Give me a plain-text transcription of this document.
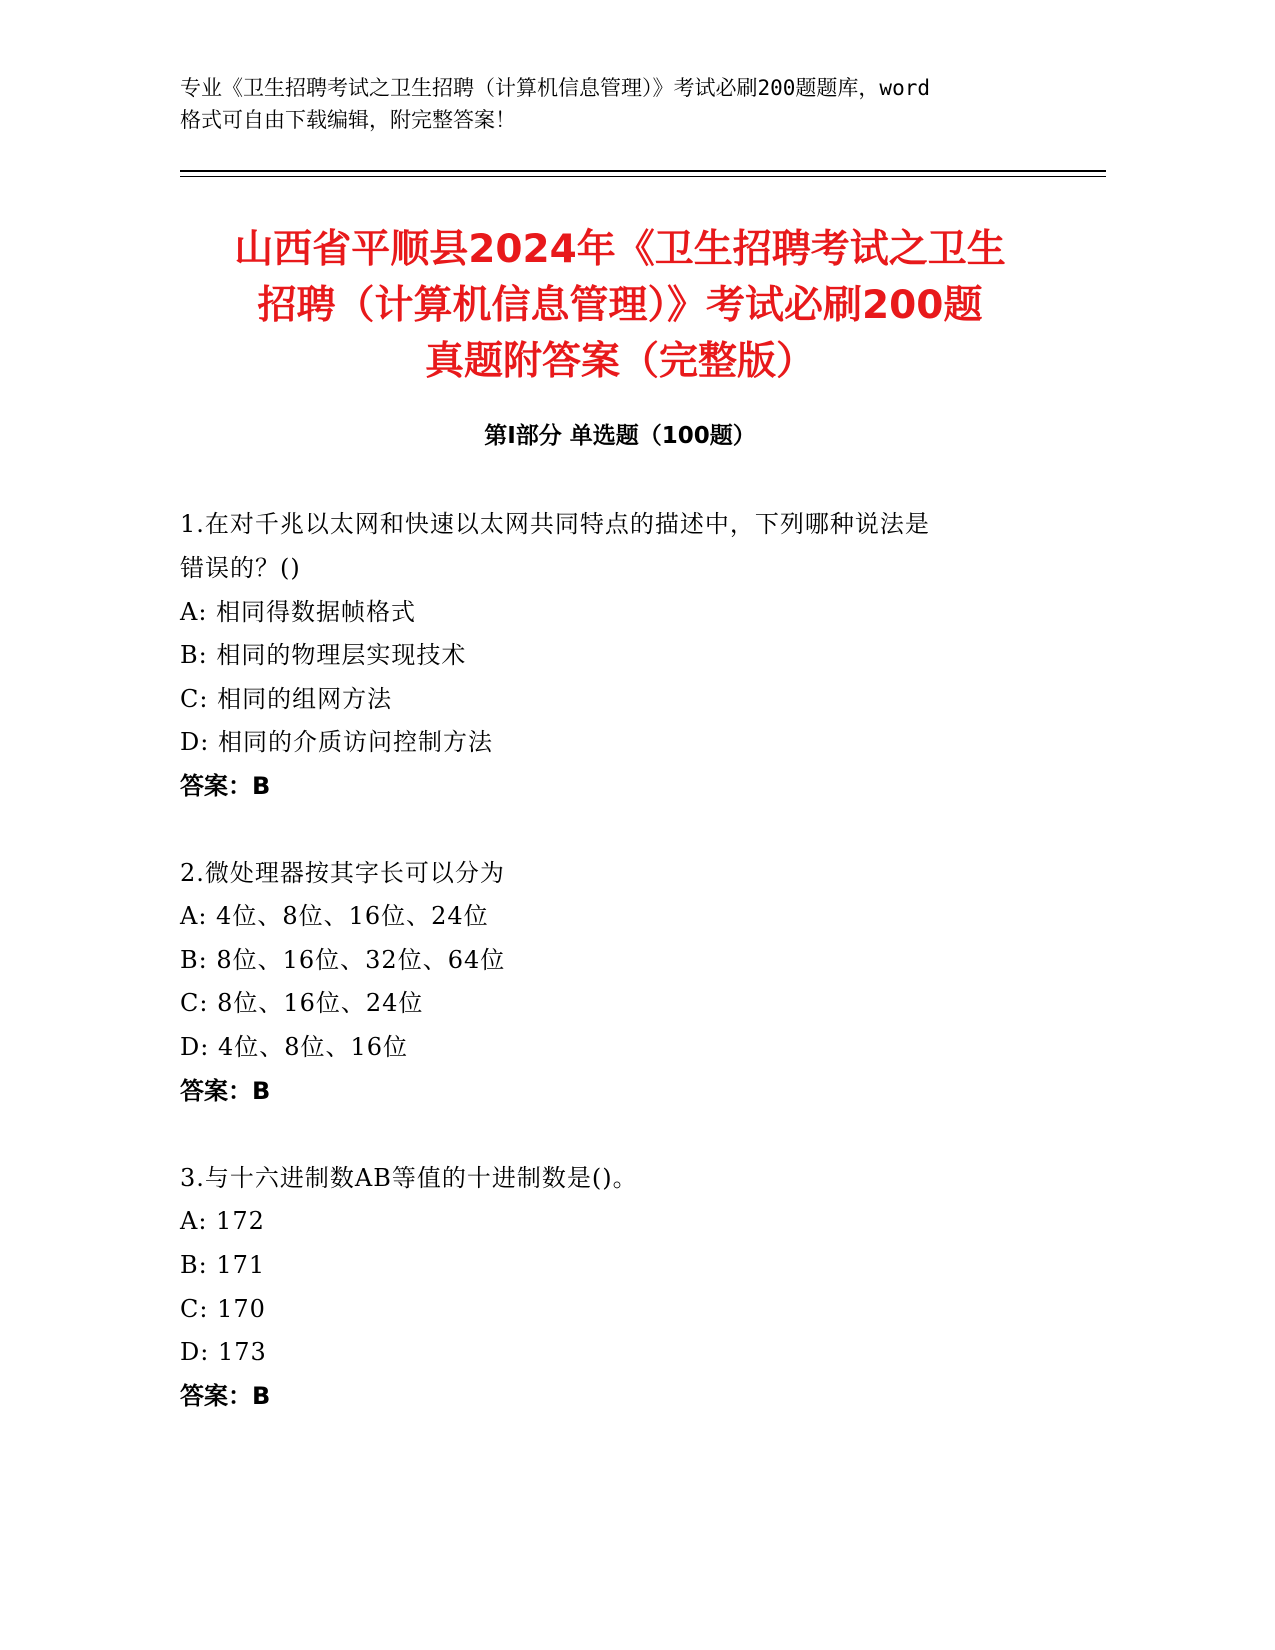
专业《卫生招聘考试之卫生招聘（计算机信息管理）》考试必刷200题题库，word
格式可自由下载编辑，附完整答案！
山西省平顺县2024年《卫生招聘考试之卫生
招聘（计算机信息管理）》考试必刷200题
真题附答案（完整版）
第Ⅰ部分 单选题（100题）
1.在对千兆以太网和快速以太网共同特点的描述中，下列哪种说法是
错误的？()
A: 相同得数据帧格式
B: 相同的物理层实现技术
C: 相同的组网方法
D: 相同的介质访问控制方法
答案：B
2.微处理器按其字长可以分为
A: 4位、8位、16位、24位
B: 8位、16位、32位、64位
C: 8位、16位、24位
D: 4位、8位、16位
答案：B
3.与十六进制数AB等值的十进制数是()。
A: 172
B: 171
C: 170
D: 173
答案：B
